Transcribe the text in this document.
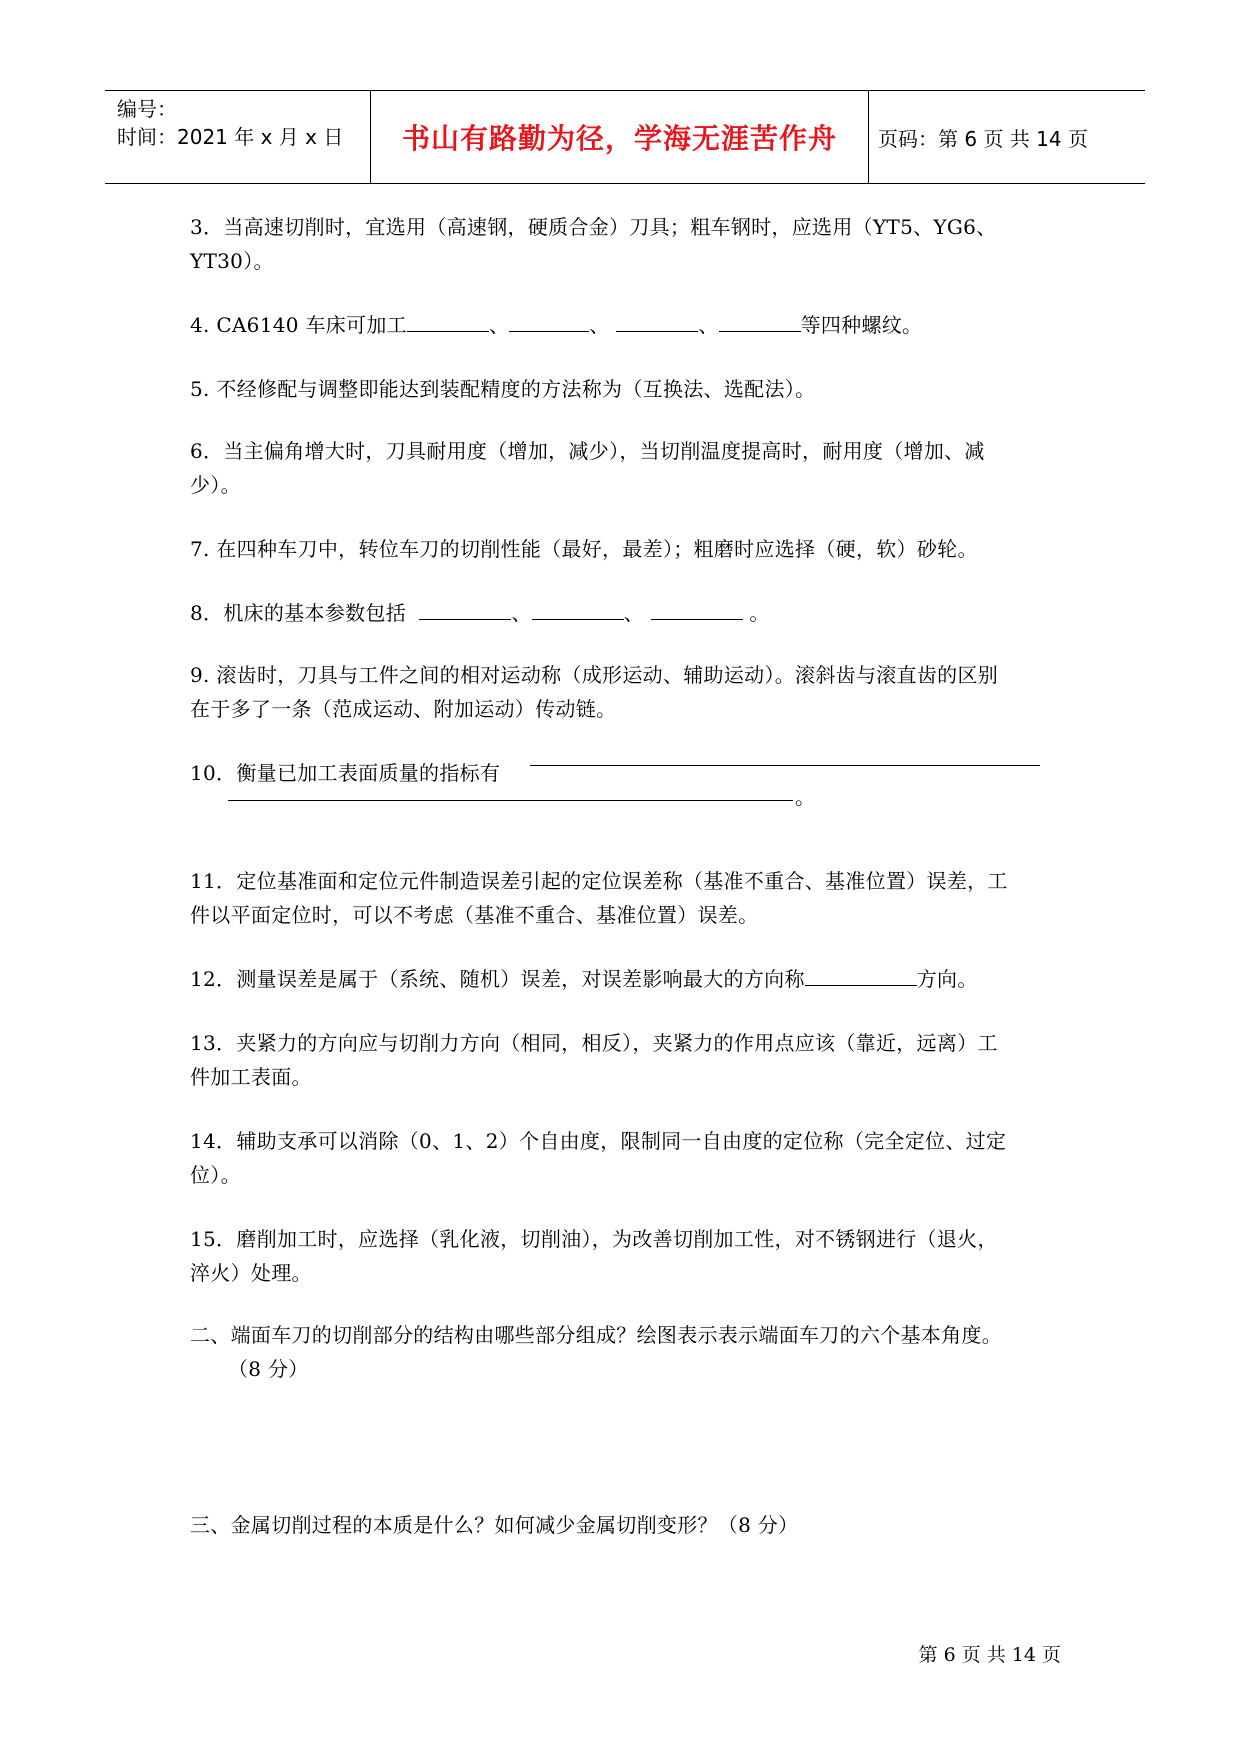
编号：
时间：2021 年 x 月 x 日	书山有路勤为径，学海无涯苦作舟	页码：第 6 页 共 14 页
3．当高速切削时，宜选用（高速钢，硬质合金）刀具；粗车钢时，应选用（YT5、YG6、
YT30）。
4. CA6140 车床可加工	、	、	、	等四种螺纹。
5. 不经修配与调整即能达到装配精度的方法称为（互换法、选配法）。
6．当主偏角增大时，刀具耐用度（增加，减少），当切削温度提高时，耐用度（增加、减
少）。
7. 在四种车刀中，转位车刀的切削性能（最好，最差）；粗磨时应选择（硬，软）砂轮。
8．机床的基本参数包括	、	、	。
9. 滚齿时，刀具与工件之间的相对运动称（成形运动、辅助运动）。滚斜齿与滚直齿的区别
在于多了一条（范成运动、附加运动）传动链。
10．衡量已加工表面质量的指标有
。
11．定位基准面和定位元件制造误差引起的定位误差称（基准不重合、基准位置）误差，工
件以平面定位时，可以不考虑（基准不重合、基准位置）误差。
12．测量误差是属于（系统、随机）误差，对误差影响最大的方向称	方向。
13．夹紧力的方向应与切削力方向（相同，相反），夹紧力的作用点应该（靠近，远离）工
件加工表面。
14．辅助支承可以消除（0、1、2）个自由度，限制同一自由度的定位称（完全定位、过定
位）。
15．磨削加工时，应选择（乳化液，切削油），为改善切削加工性，对不锈钢进行（退火，
淬火）处理。
二、端面车刀的切削部分的结构由哪些部分组成？绘图表示表示端面车刀的六个基本角度。
（8 分）
三、金属切削过程的本质是什么？如何减少金属切削变形？（8 分）
第 6 页 共 14 页
